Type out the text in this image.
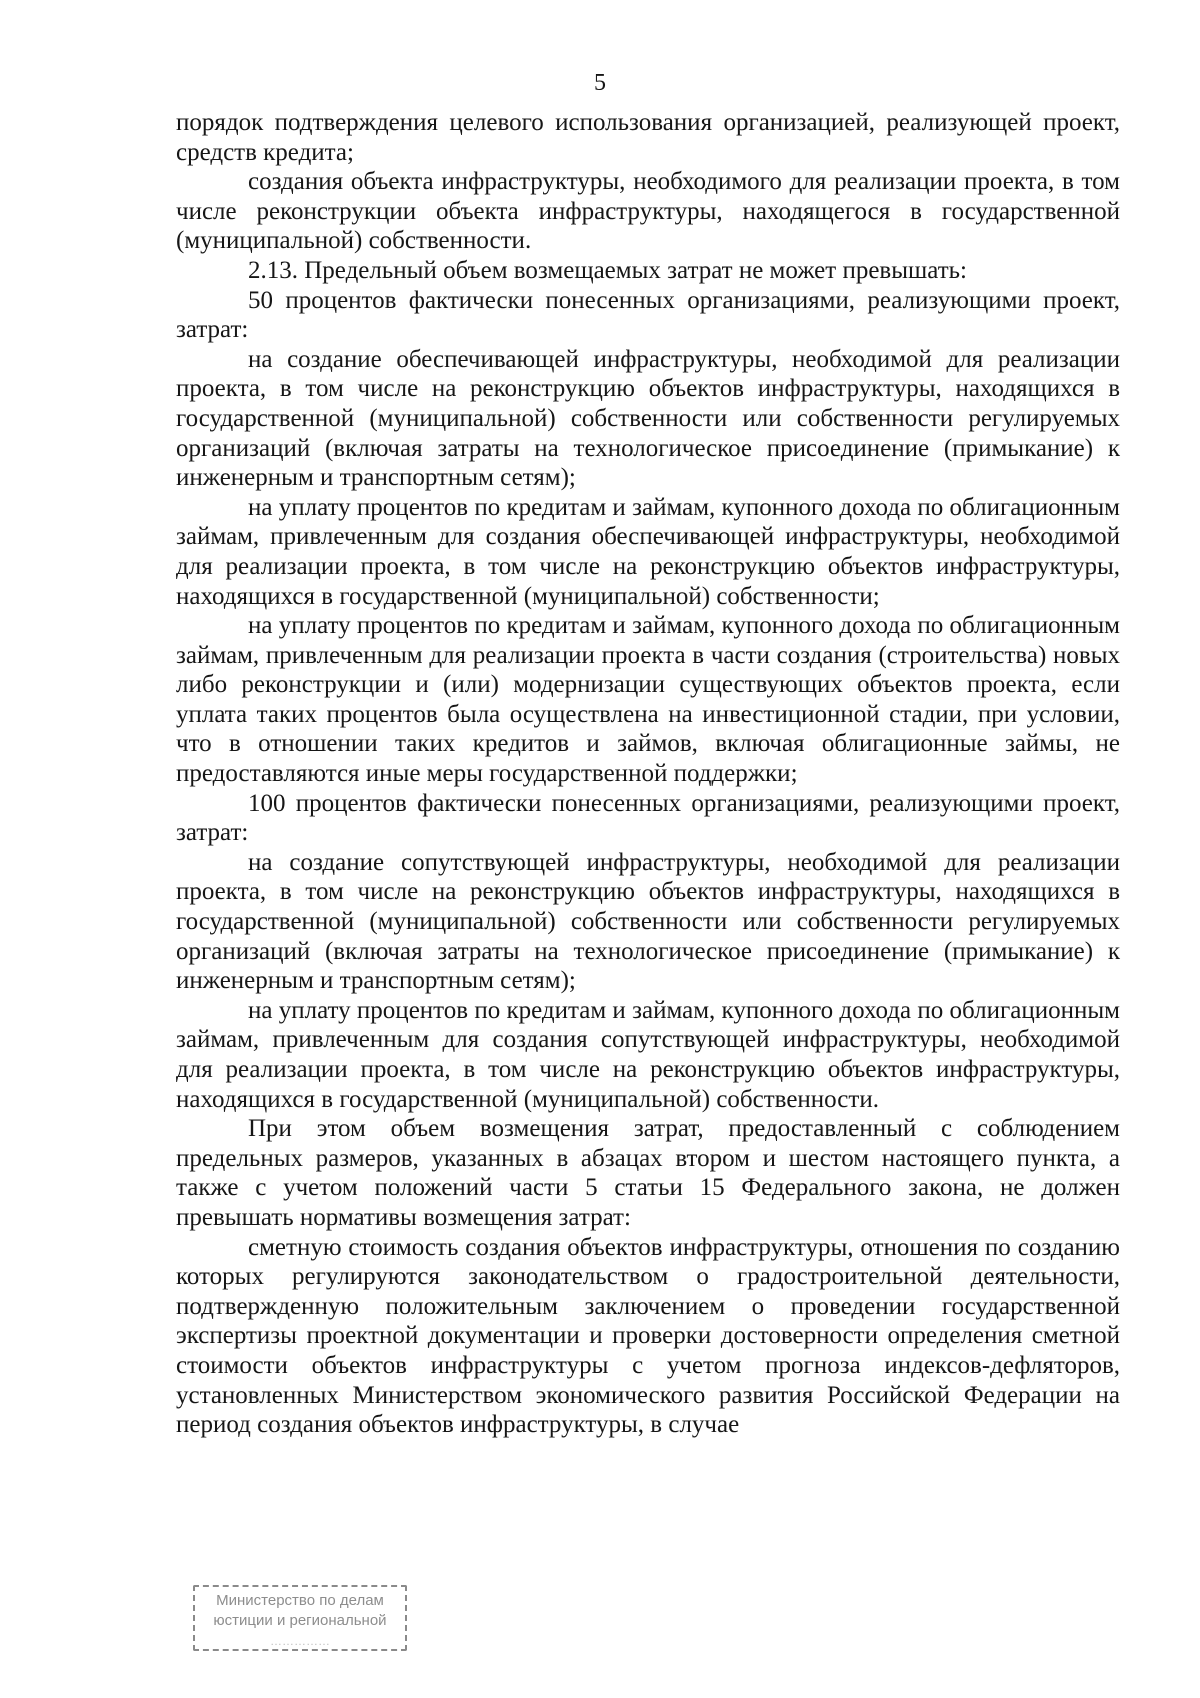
5

порядок подтверждения целевого использования организацией, реализующей проект, средств кредита;

создания объекта инфраструктуры, необходимого для реализации проекта, в том числе реконструкции объекта инфраструктуры, находящегося в государственной (муниципальной) собственности.

2.13. Предельный объем возмещаемых затрат не может превышать:

50 процентов фактически понесенных организациями, реализующими проект, затрат:

на создание обеспечивающей инфраструктуры, необходимой для реализации проекта, в том числе на реконструкцию объектов инфраструктуры, находящихся в государственной (муниципальной) собственности или собственности регулируемых организаций (включая затраты на технологическое присоединение (примыкание) к инженерным и транспортным сетям);

на уплату процентов по кредитам и займам, купонного дохода по облигационным займам, привлеченным для создания обеспечивающей инфраструктуры, необходимой для реализации проекта, в том числе на реконструкцию объектов инфраструктуры, находящихся в государственной (муниципальной) собственности;

на уплату процентов по кредитам и займам, купонного дохода по облигационным займам, привлеченным для реализации проекта в части создания (строительства) новых либо реконструкции и (или) модернизации существующих объектов проекта, если уплата таких процентов была осуществлена на инвестиционной стадии, при условии, что в отношении таких кредитов и займов, включая облигационные займы, не предоставляются иные меры государственной поддержки;

100 процентов фактически понесенных организациями, реализующими проект, затрат:

на создание сопутствующей инфраструктуры, необходимой для реализации проекта, в том числе на реконструкцию объектов инфраструктуры, находящихся в государственной (муниципальной) собственности или собственности регулируемых организаций (включая затраты на технологическое присоединение (примыкание) к инженерным и транспортным сетям);

на уплату процентов по кредитам и займам, купонного дохода по облигационным займам, привлеченным для создания сопутствующей инфраструктуры, необходимой для реализации проекта, в том числе на реконструкцию объектов инфраструктуры, находящихся в государственной (муниципальной) собственности.

При этом объем возмещения затрат, предоставленный с соблюдением предельных размеров, указанных в абзацах втором и шестом настоящего пункта, а также с учетом положений части 5 статьи 15 Федерального закона, не должен превышать нормативы возмещения затрат:

сметную стоимость создания объектов инфраструктуры, отношения по созданию которых регулируются законодательством о градостроительной деятельности, подтвержденную положительным заключением о проведении государственной экспертизы проектной документации и проверки достоверности определения сметной стоимости объектов инфраструктуры с учетом прогноза индексов-дефляторов, установленных Министерством экономического развития Российской Федерации на период создания объектов инфраструктуры, в случае

Министерство по делам
юстиции и региональной
……………
